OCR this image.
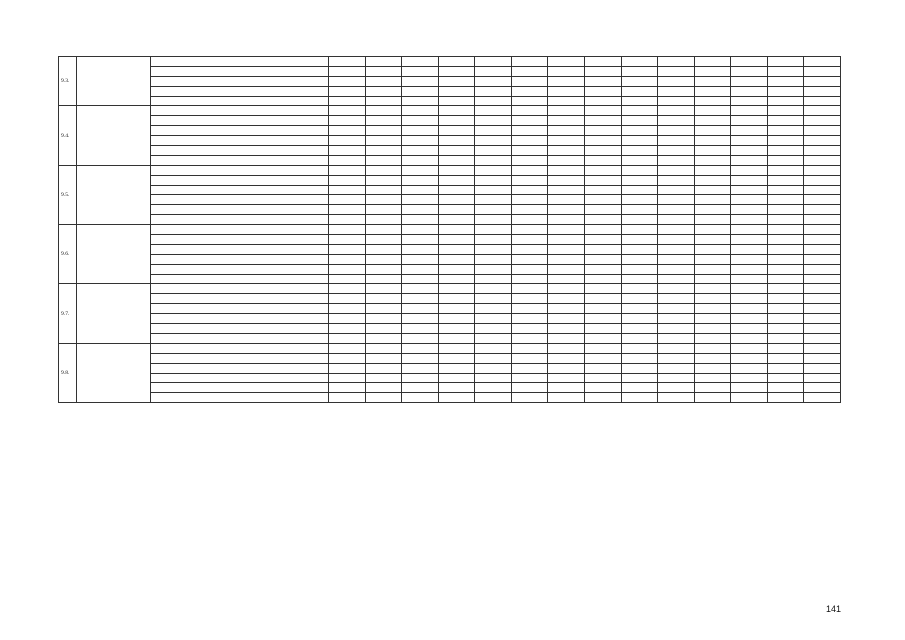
9.3.																

9.4.																

9.5.																

9.6.																

9.7.																

9.8.																

141
